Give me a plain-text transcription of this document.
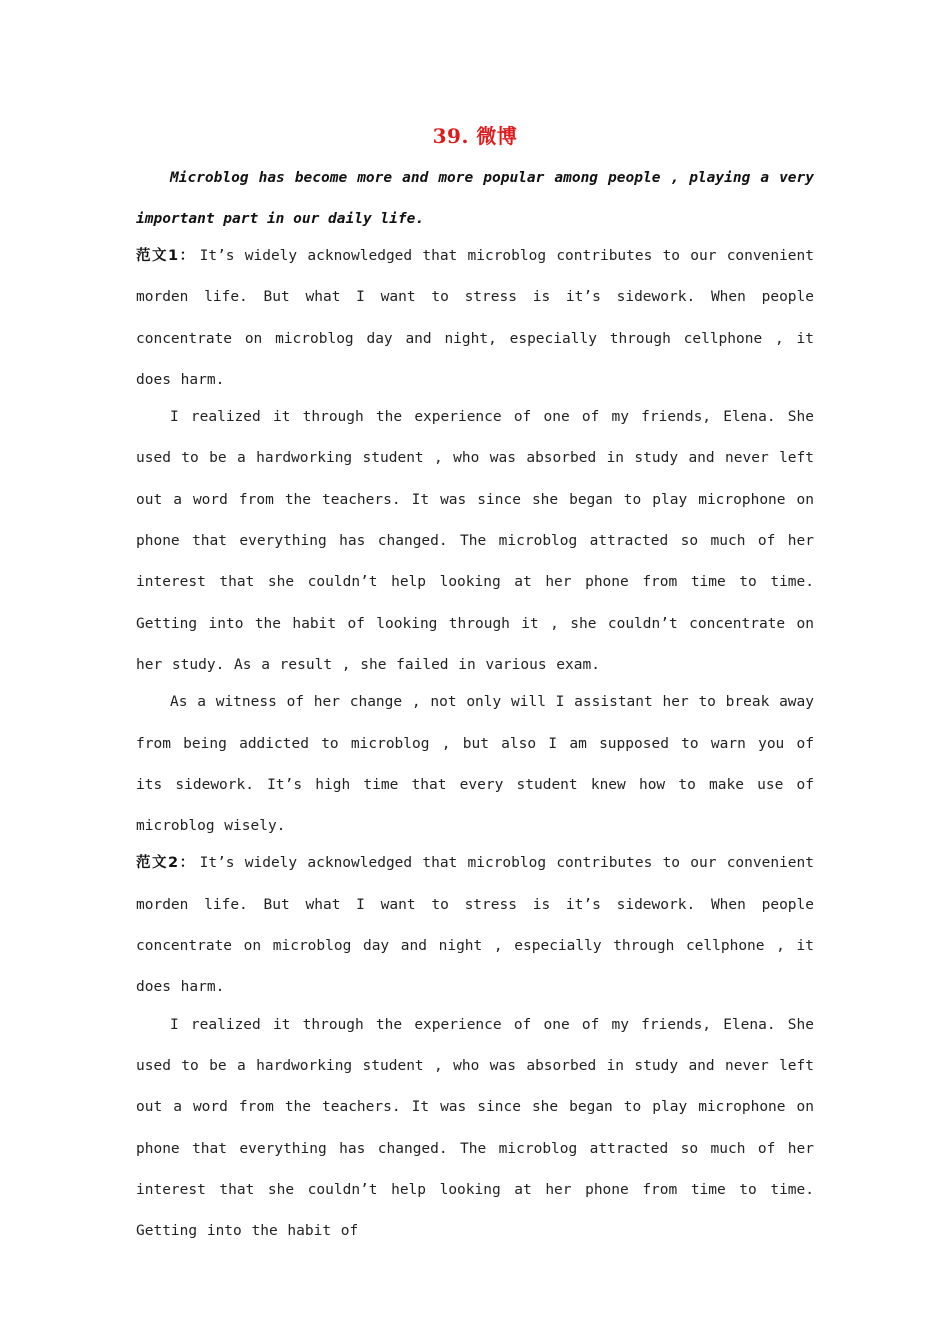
39. 微博

Microblog has become more and more popular among people , playing a very important part in our daily life.

范文1： It’s widely acknowledged that microblog contributes to our convenient morden life. But what I want to stress is it’s sidework. When people concentrate on microblog day and night, especially through cellphone , it does harm.

I realized it through the experience of one of my friends, Elena. She used to be a hardworking student , who was absorbed in study and never left out a word from the teachers. It was since she began to play microphone on phone that everything has changed. The microblog attracted so much of her interest that she couldn’t help looking at her phone from time to time. Getting into the habit of looking through it , she couldn’t concentrate on her study. As a result , she failed in various exam.

As a witness of her change , not only will I assistant her to break away from being addicted to microblog , but also I am supposed to warn you of its sidework. It’s high time that every student knew how to make use of microblog wisely.

范文2： It’s widely acknowledged that microblog contributes to our convenient morden life. But what I want to stress is it’s sidework. When people concentrate on microblog day and night , especially through cellphone , it does harm.

I realized it through the experience of one of my friends, Elena. She used to be a hardworking student , who was absorbed in study and never left out a word from the teachers. It was since she began to play microphone on phone that everything has changed. The microblog attracted so much of her interest that she couldn’t help looking at her phone from time to time. Getting into the habit of
